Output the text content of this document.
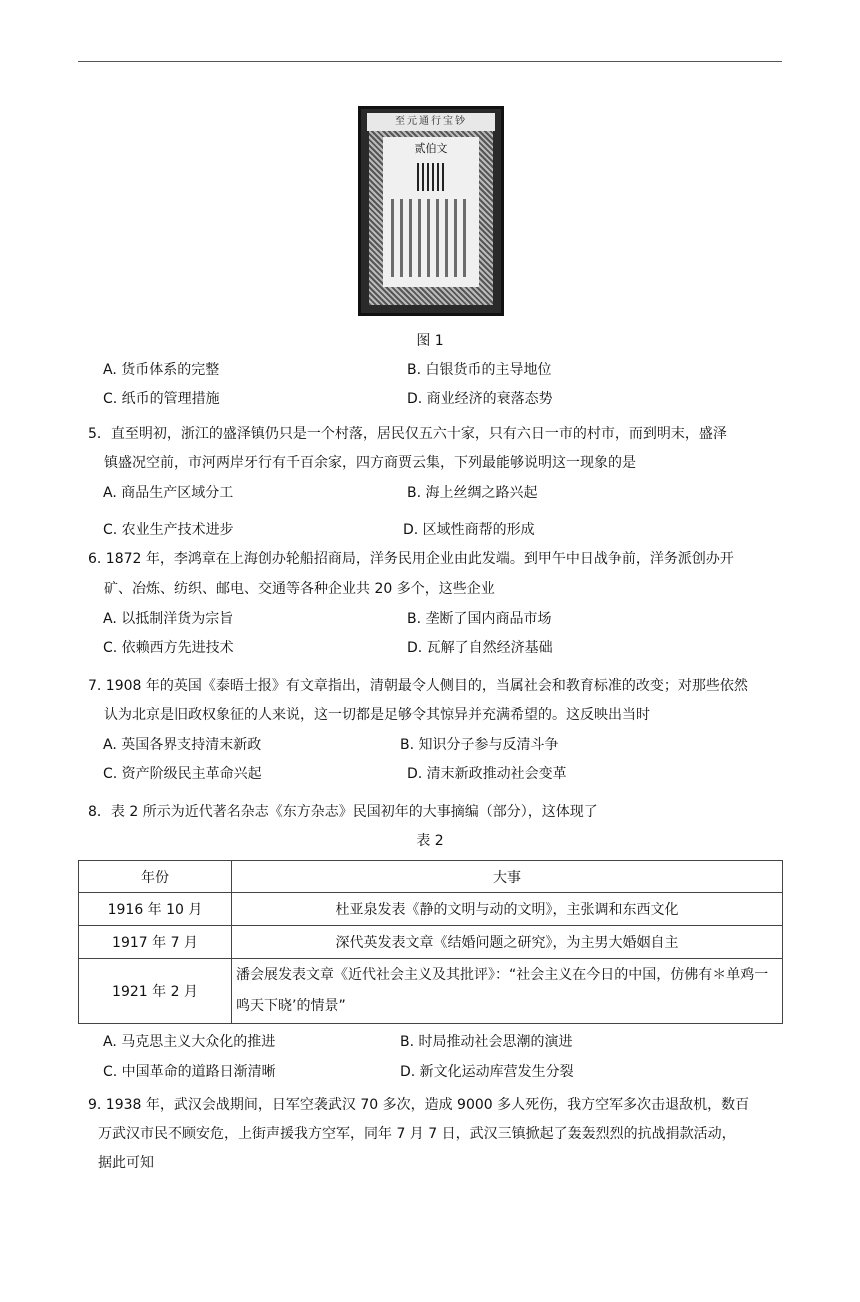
至元通行宝钞
贰伯文
图 1
A. 货币体系的完整	B. 白银货币的主导地位
C. 纸币的管理措施	D. 商业经济的衰落态势
5．直至明初，浙江的盛泽镇仍只是一个村落，居民仅五六十家，只有六日一市的村市，而到明末，盛泽
镇盛况空前，市河两岸牙行有千百余家，四方商贾云集，下列最能够说明这一现象的是
A. 商品生产区域分工	B. 海上丝绸之路兴起
C. 农业生产技术进步	D. 区域性商帮的形成
6. 1872 年，李鸿章在上海创办轮船招商局，洋务民用企业由此发端。到甲午中日战争前，洋务派创办开
矿、冶炼、纺织、邮电、交通等各种企业共 20 多个，这些企业
A. 以抵制洋货为宗旨	B. 垄断了国内商品市场
C. 依赖西方先进技术	D. 瓦解了自然经济基础
7. 1908 年的英国《泰晤士报》有文章指出，清朝最令人侧目的，当属社会和教育标准的改变；对那些依然
认为北京是旧政权象征的人来说，这一切都是足够令其惊异并充满希望的。这反映出当时
A. 英国各界支持清末新政	B. 知识分子参与反清斗争
C. 资产阶级民主革命兴起	D. 清末新政推动社会变革
8．表 2 所示为近代著名杂志《东方杂志》民国初年的大事摘编（部分），这体现了
表 2
年份	大事
1916 年 10 月	杜亚泉发表《静的文明与动的文明》，主张调和东西文化
1917 年 7 月	深代英发表文章《结婚问题之研究》，为主男大婚姻自主
1921 年 2 月	潘会展发表文章《近代社会主义及其批评》：“社会主义在今日的中国，仿佛有＊单鸡一鸣天下晓’的情景”
A. 马克思主义大众化的推进	B. 时局推动社会思潮的演进
C. 中国革命的道路日渐清晰	D. 新文化运动库营发生分裂
9. 1938 年，武汉会战期间，日军空袭武汉 70 多次，造成 9000 多人死伤，我方空军多次击退敌机，数百
万武汉市民不顾安危，上街声援我方空军，同年 7 月 7 日，武汉三镇掀起了轰轰烈烈的抗战捐款活动，
据此可知
